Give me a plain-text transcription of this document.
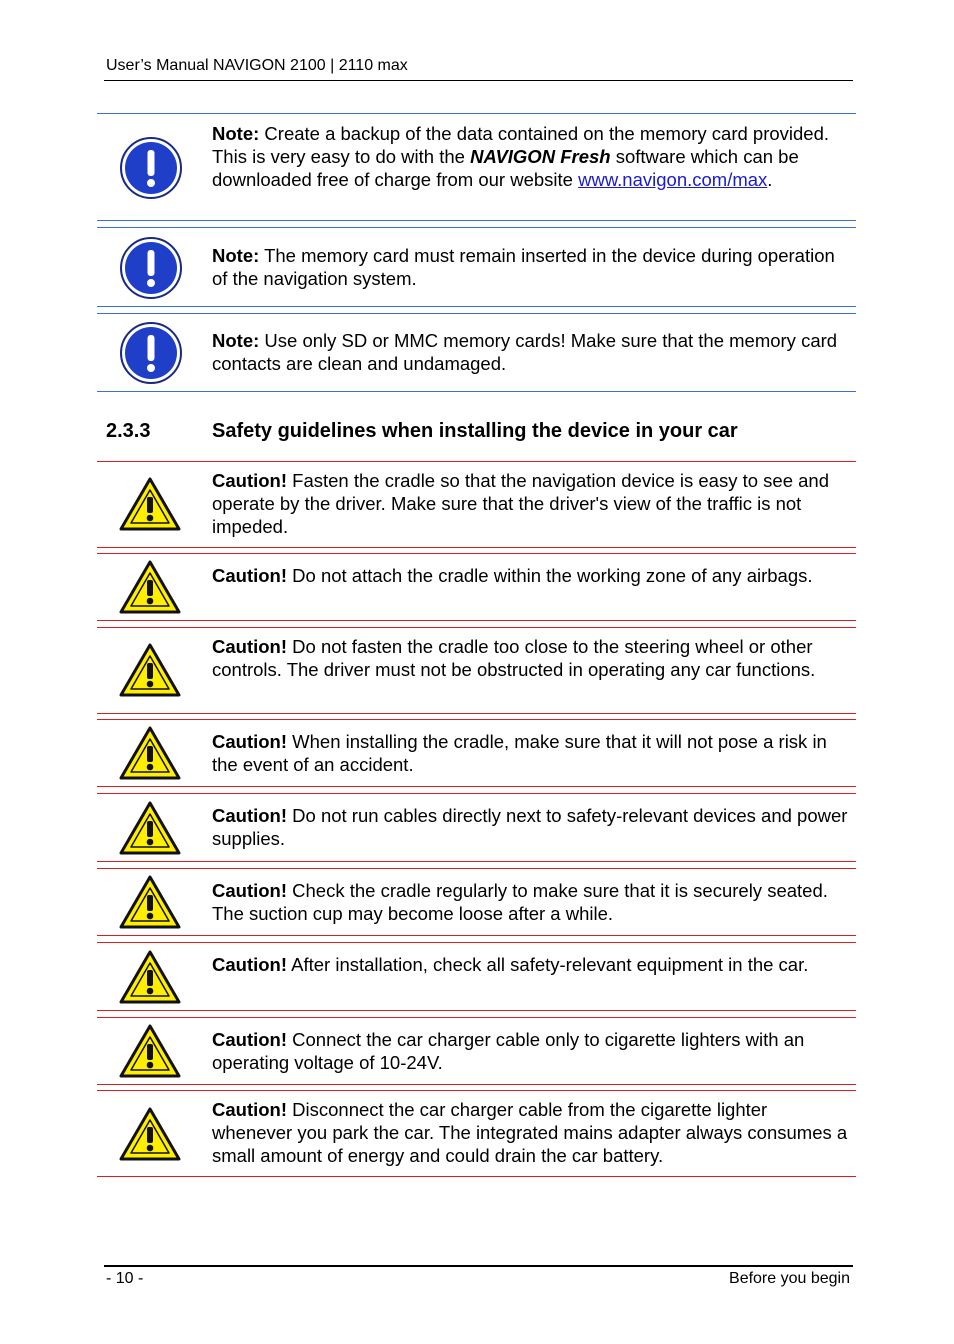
User’s Manual NAVIGON 2100 | 2110 max
Note: Create a backup of the data contained on the memory card provided. This is very easy to do with the NAVIGON Fresh software which can be downloaded free of charge from our website www.navigon.com/max.
Note: The memory card must remain inserted in the device during operation of the navigation system.
Note: Use only SD or MMC memory cards! Make sure that the memory card contacts are clean and undamaged.
2.3.3	Safety guidelines when installing the device in your car
Caution! Fasten the cradle so that the navigation device is easy to see and operate by the driver. Make sure that the driver's view of the traffic is not impeded.
Caution! Do not attach the cradle within the working zone of any airbags.
Caution! Do not fasten the cradle too close to the steering wheel or other controls. The driver must not be obstructed in operating any car functions.
Caution! When installing the cradle, make sure that it will not pose a risk in the event of an accident.
Caution! Do not run cables directly next to safety-relevant devices and power supplies.
Caution! Check the cradle regularly to make sure that it is securely seated. The suction cup may become loose after a while.
Caution! After installation, check all safety-relevant equipment in the car.
Caution! Connect the car charger cable only to cigarette lighters with an operating voltage of 10-24V.
Caution! Disconnect the car charger cable from the cigarette lighter whenever you park the car. The integrated mains adapter always consumes a small amount of energy and could drain the car battery.
- 10 -	Before you begin
